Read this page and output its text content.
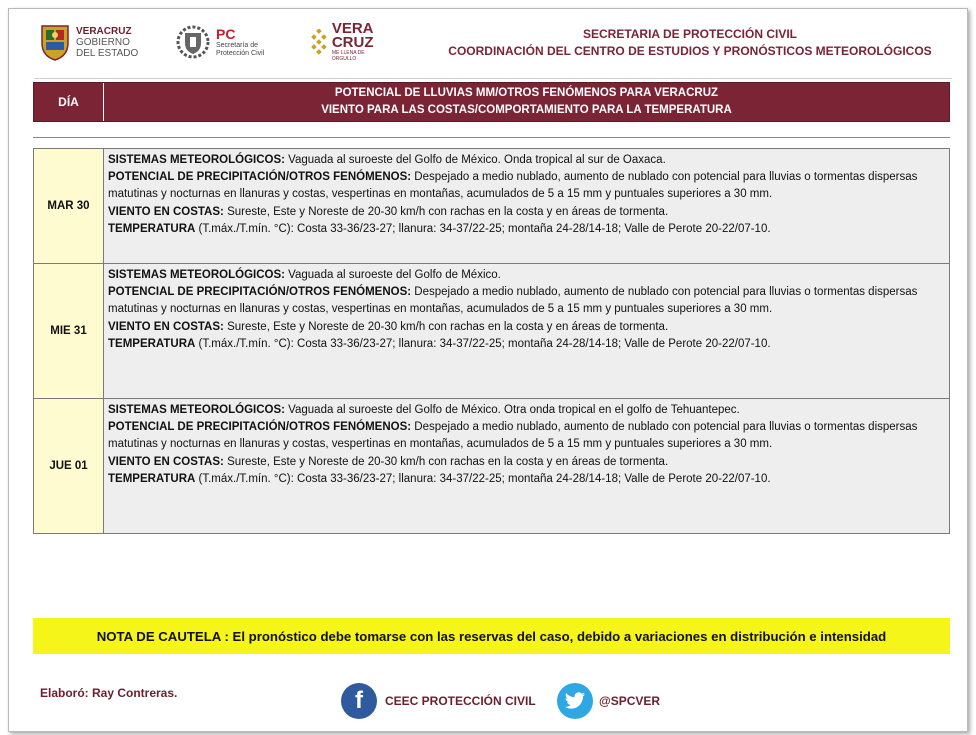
VERACRUZ
GOBIERNO
DEL ESTADO
PC
Secretaría de
Protección Civil
VERA
CRUZ
ME LLENA DE ORGULLO
SECRETARIA DE PROTECCIÓN CIVIL
COORDINACIÓN DEL CENTRO DE ESTUDIOS Y PRONÓSTICOS METEOROLÓGICOS
DÍA
POTENCIAL DE LLUVIAS MM/OTROS FENÓMENOS PARA VERACRUZ
VIENTO PARA LAS COSTAS/COMPORTAMIENTO PARA LA TEMPERATURA
MAR 30
SISTEMAS METEOROLÓGICOS: Vaguada al suroeste del Golfo de México. Onda tropical al sur de Oaxaca.
POTENCIAL DE PRECIPITACIÓN/OTROS FENÓMENOS: Despejado a medio nublado, aumento de nublado con potencial para lluvias o tormentas dispersas matutinas y nocturnas en llanuras y costas, vespertinas en montañas, acumulados de 5 a 15 mm y puntuales superiores a 30 mm.
VIENTO EN COSTAS: Sureste, Este y Noreste de 20-30 km/h con rachas en la costa y en áreas de tormenta.
TEMPERATURA (T.máx./T.mín. °C): Costa 33-36/23-27; llanura: 34-37/22-25; montaña 24-28/14-18; Valle de Perote 20-22/07-10.
MIE 31
SISTEMAS METEOROLÓGICOS: Vaguada al suroeste del Golfo de México.
POTENCIAL DE PRECIPITACIÓN/OTROS FENÓMENOS: Despejado a medio nublado, aumento de nublado con potencial para lluvias o tormentas dispersas matutinas y nocturnas en llanuras y costas, vespertinas en montañas, acumulados de 5 a 15 mm y puntuales superiores a 30 mm.
VIENTO EN COSTAS: Sureste, Este y Noreste de 20-30 km/h con rachas en la costa y en áreas de tormenta.
TEMPERATURA (T.máx./T.mín. °C): Costa 33-36/23-27; llanura: 34-37/22-25; montaña 24-28/14-18; Valle de Perote 20-22/07-10.
JUE 01
SISTEMAS METEOROLÓGICOS: Vaguada al suroeste del Golfo de México. Otra onda tropical en el golfo de Tehuantepec.
POTENCIAL DE PRECIPITACIÓN/OTROS FENÓMENOS: Despejado a medio nublado, aumento de nublado con potencial para lluvias o tormentas dispersas matutinas y nocturnas en llanuras y costas, vespertinas en montañas, acumulados de 5 a 15 mm y puntuales superiores a 30 mm.
VIENTO EN COSTAS: Sureste, Este y Noreste de 20-30 km/h con rachas en la costa y en áreas de tormenta.
TEMPERATURA (T.máx./T.mín. °C): Costa 33-36/23-27; llanura: 34-37/22-25; montaña 24-28/14-18; Valle de Perote 20-22/07-10.
NOTA DE CAUTELA : El pronóstico debe tomarse con las reservas del caso, debido a variaciones en distribución e intensidad
Elaboró: Ray Contreras.	f	CEEC PROTECCIÓN CIVIL	@SPCVER
